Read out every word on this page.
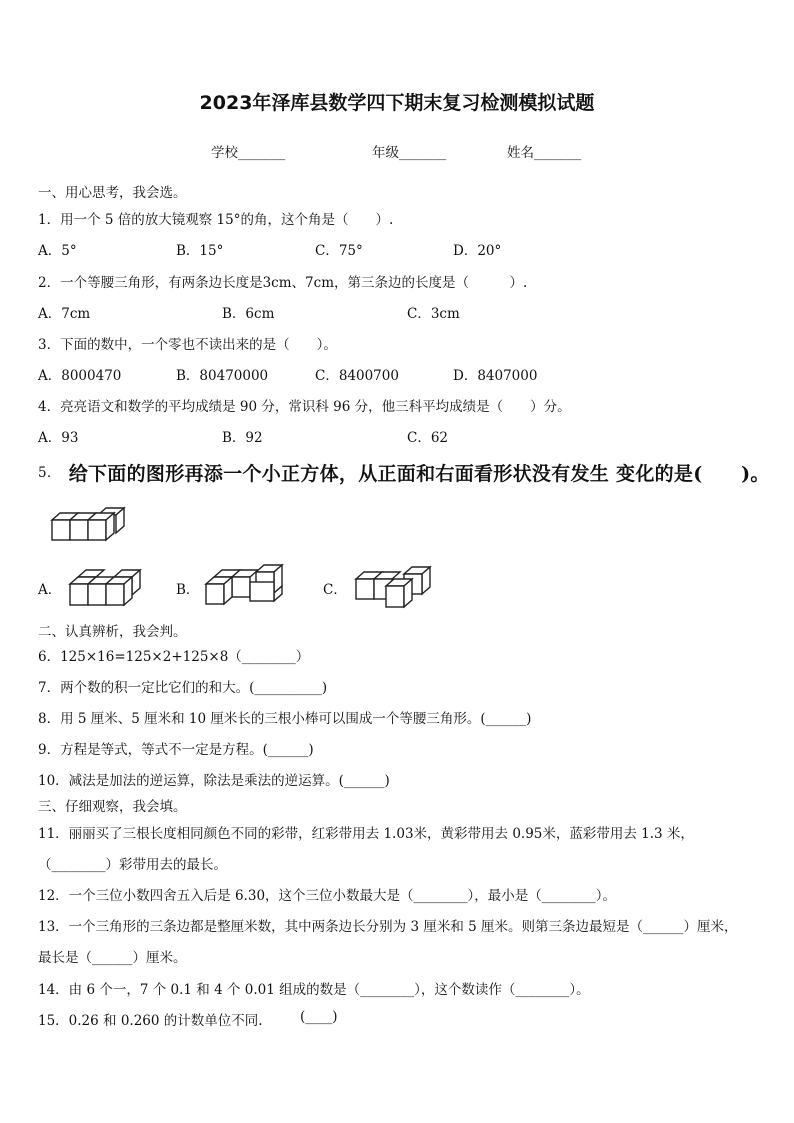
2023年泽库县数学四下期末复习检测模拟试题
学校_______	年级_______	姓名_______
一、用心思考，我会选。
1．用一个 5 倍的放大镜观察 15°的角，这个角是（　　）.
A．5°	B．15°	C．75°	D．20°
2．一个等腰三角形，有两条边长度是3cm、7cm，第三条边的长度是（　　　）.
A．7cm	B．6cm	C．3cm
3．下面的数中，一个零也不读出来的是（　　）。
A．8000470	B．80470000	C．8400700	D．8407000
4．亮亮语文和数学的平均成绩是 90 分，常识科 96 分，他三科平均成绩是（　　）分。
A．93	B．92	C．62
5． 给下面的图形再添一个小正方体，从正面和右面看形状没有发生 变化的是(　　)。
A．	B．	C．
二、认真辨析，我会判。
6．125×16=125×2+125×8（________）
7．两个数的积一定比它们的和大。(__________)
8．用 5 厘米、5 厘米和 10 厘米长的三根小棒可以围成一个等腰三角形。(______)
9．方程是等式，等式不一定是方程。(______)
10．减法是加法的逆运算，除法是乘法的逆运算。(______)
三、仔细观察，我会填。
11．丽丽买了三根长度相同颜色不同的彩带，红彩带用去 1.03米，黄彩带用去 0.95米，蓝彩带用去 1.3 米，
（________）彩带用去的最长。
12．一个三位小数四舍五入后是 6.30，这个三位小数最大是（________），最小是（________）。
13．一个三角形的三条边都是整厘米数，其中两条边长分别为 3 厘米和 5 厘米。则第三条边最短是（______）厘米，
最长是（______）厘米。
14．由 6 个一，7 个 0.1 和 4 个 0.01 组成的数是（________），这个数读作（________）。
15．0.26 和 0.260 的计数单位不同.	(____)
